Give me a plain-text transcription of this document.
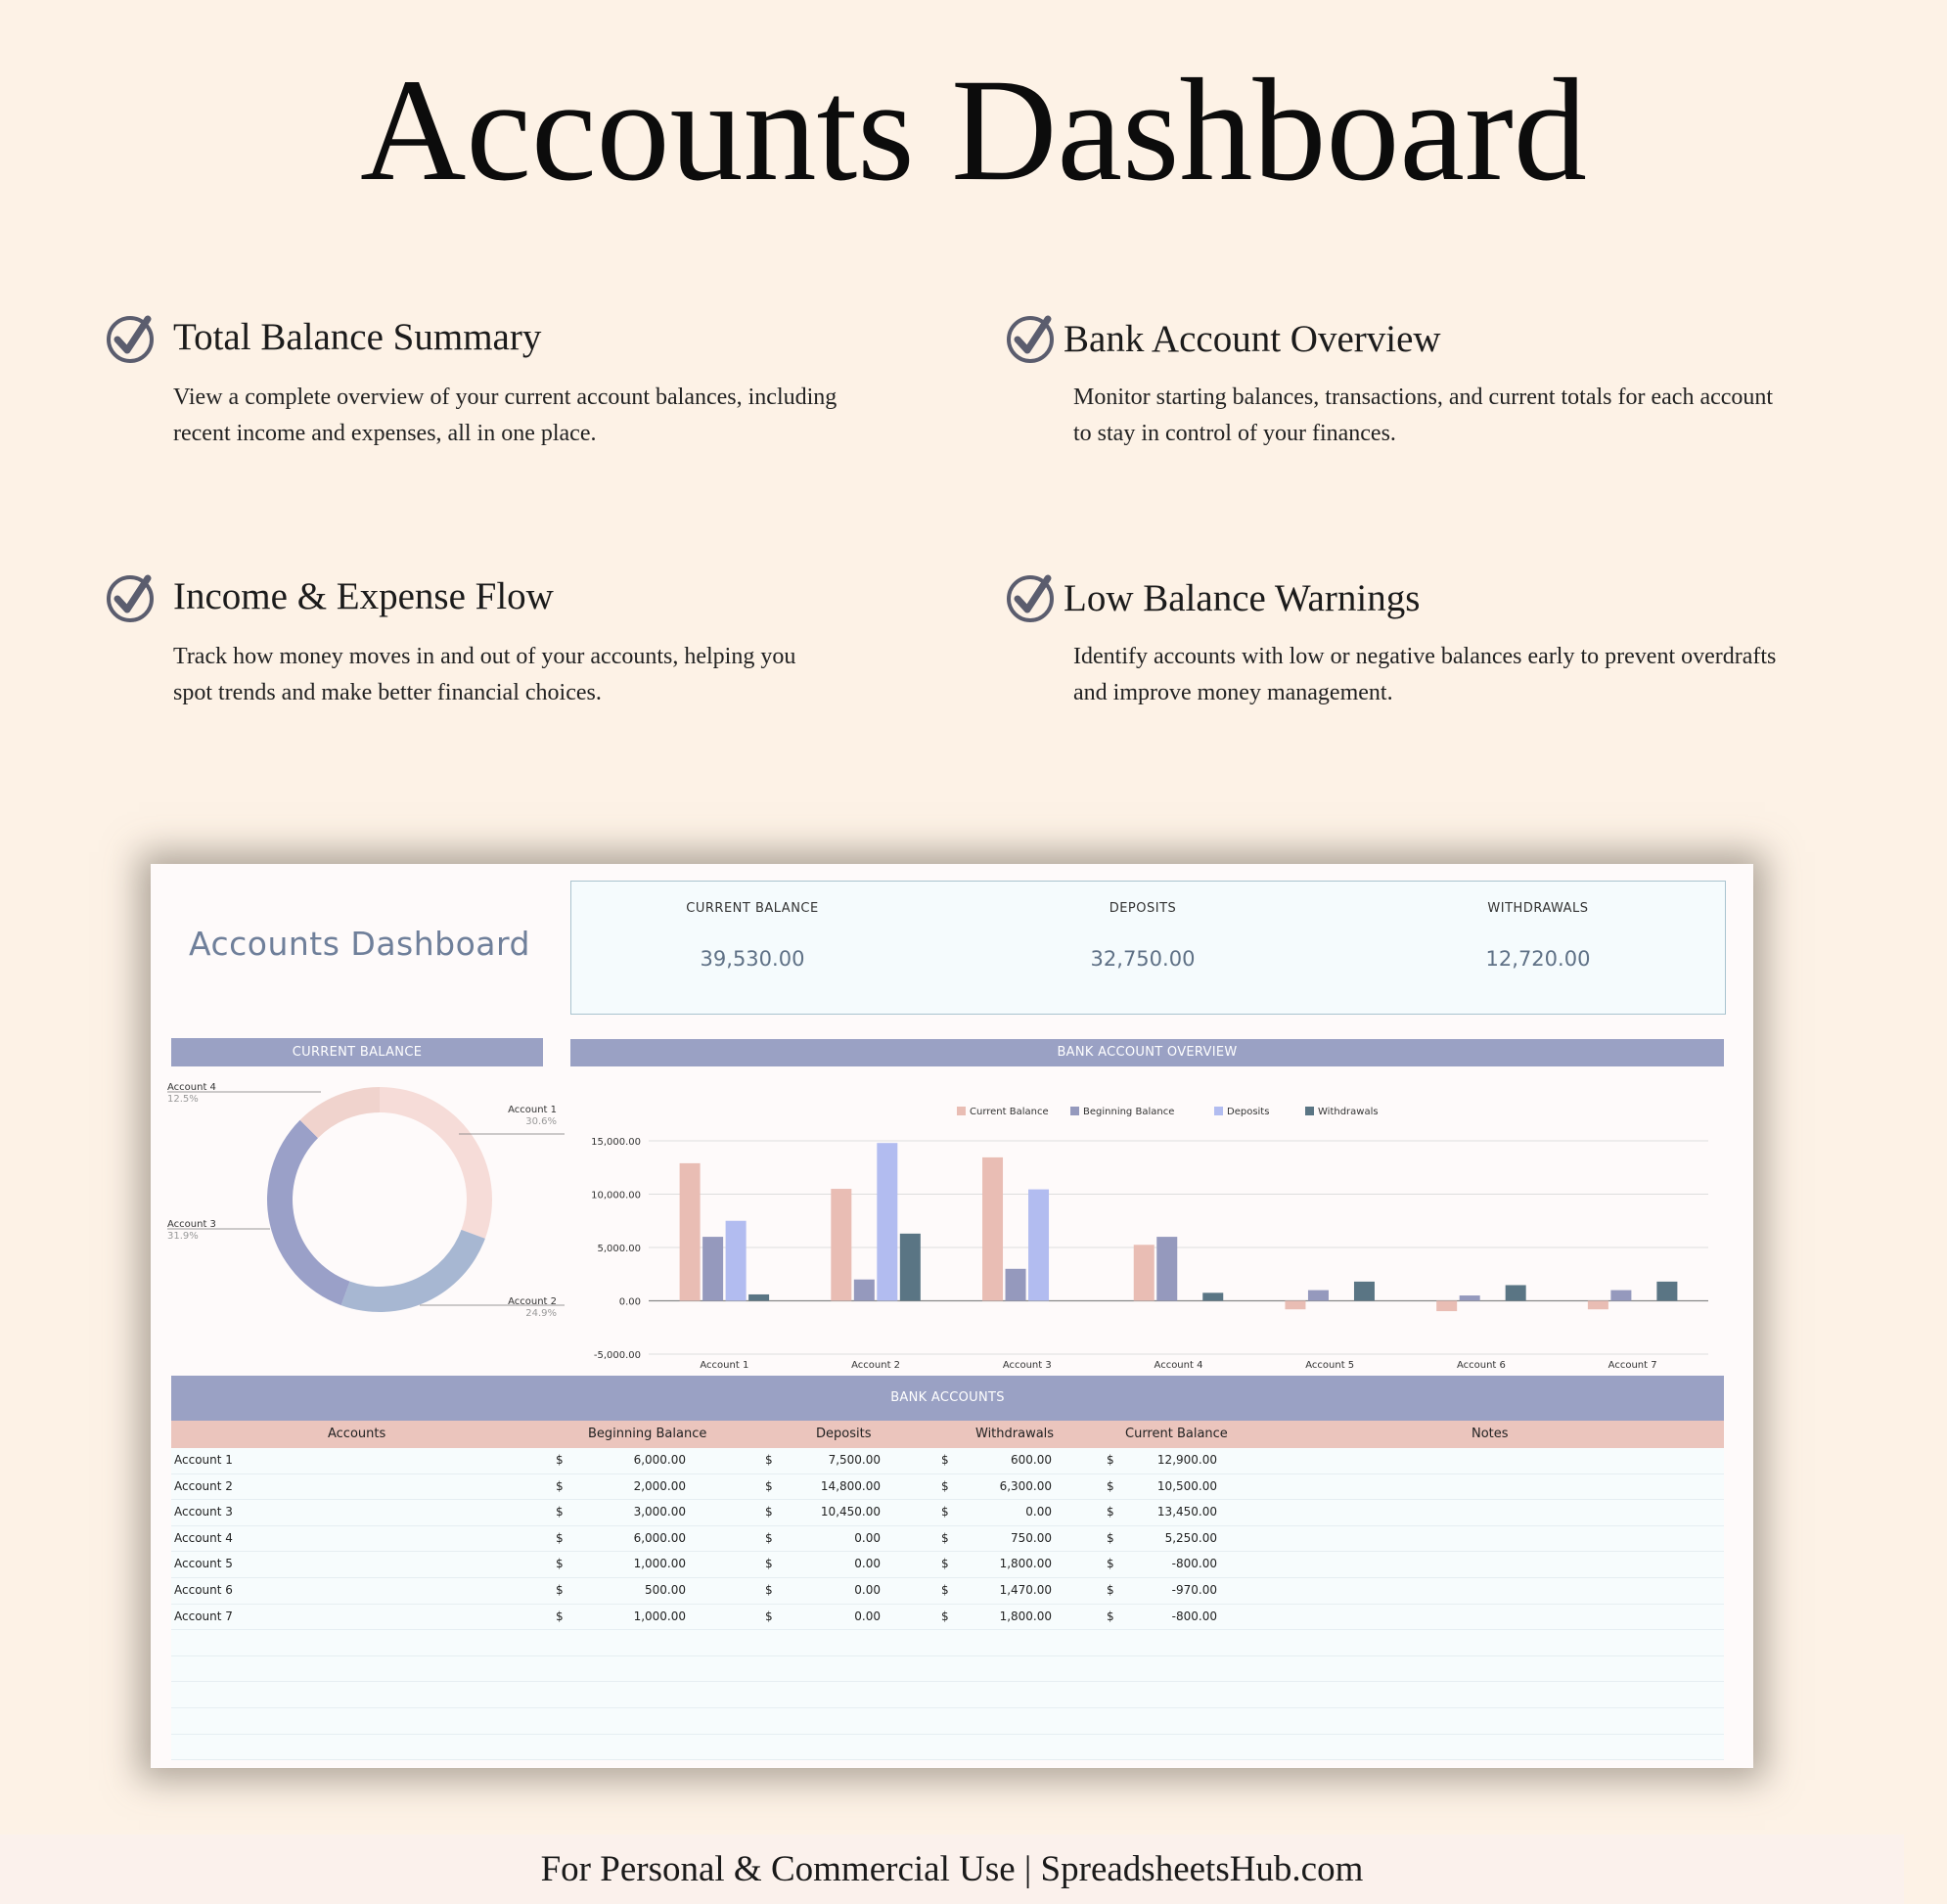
Accounts Dashboard
Total Balance Summary
View a complete overview of your current account balances, including recent income and expenses, all in one place.
Bank Account Overview
Monitor starting balances, transactions, and current totals for each account to stay in control of your finances.
Income & Expense Flow
Track how money moves in and out of your accounts, helping you spot trends and make better financial choices.
Low Balance Warnings
Identify accounts with low or negative balances early to prevent overdrafts and improve money management.
Accounts Dashboard
CURRENT BALANCE
39,530.00
DEPOSITS
32,750.00
WITHDRAWALS
12,720.00
CURRENT BALANCE	BANK ACCOUNT OVERVIEW
Account 1
30.6%
Account 2
24.9%
Account 3
31.9%
Account 4
12.5%
Current Balance	Beginning Balance	Deposits	Withdrawals
15,000.00
10,000.00
5,000.00
0.00
-5,000.00
Account 1	Account 2	Account 3	Account 4	Account 5	Account 6	Account 7
BANK ACCOUNTS
Accounts	Beginning Balance	Deposits	Withdrawals	Current Balance	Notes
Account 1	$	6,000.00	$	7,500.00	$	600.00	$	12,900.00
Account 2	$	2,000.00	$	14,800.00	$	6,300.00	$	10,500.00
Account 3	$	3,000.00	$	10,450.00	$	0.00	$	13,450.00
Account 4	$	6,000.00	$	0.00	$	750.00	$	5,250.00
Account 5	$	1,000.00	$	0.00	$	1,800.00	$	-800.00
Account 6	$	500.00	$	0.00	$	1,470.00	$	-970.00
Account 7	$	1,000.00	$	0.00	$	1,800.00	$	-800.00
For Personal & Commercial Use | SpreadsheetsHub.com
